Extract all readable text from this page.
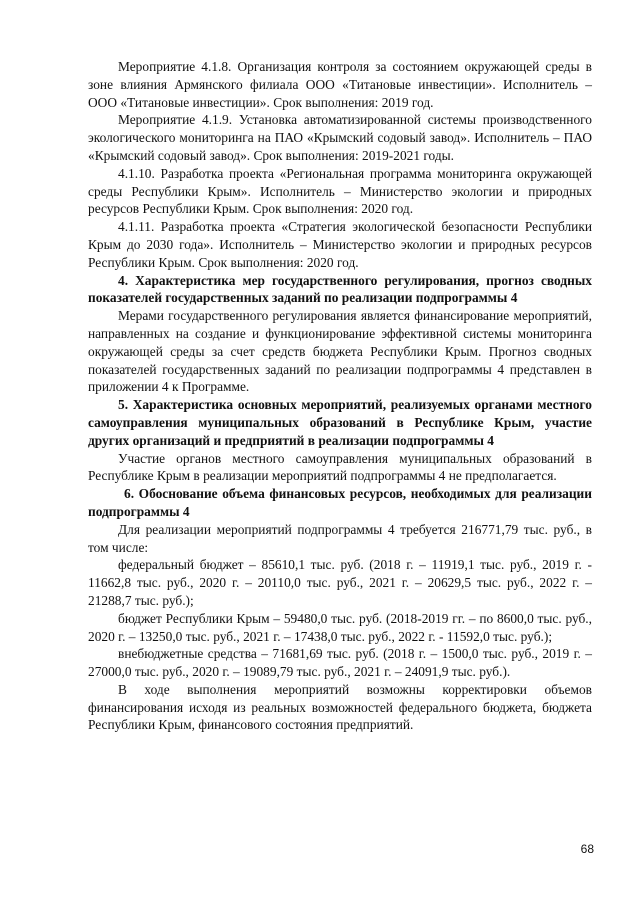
Мероприятие 4.1.8. Организация контроля за состоянием окружающей среды в зоне влияния Армянского филиала ООО «Титановые инвестиции». Исполнитель – ООО «Титановые инвестиции». Срок выполнения: 2019 год.

Мероприятие 4.1.9. Установка автоматизированной системы производственного экологического мониторинга на ПАО «Крымский содовый завод». Исполнитель – ПАО «Крымский содовый завод». Срок выполнения: 2019-2021 годы.

4.1.10. Разработка проекта «Региональная программа мониторинга окружающей среды Республики Крым». Исполнитель – Министерство экологии и природных ресурсов Республики Крым. Срок выполнения: 2020 год.

4.1.11. Разработка проекта «Стратегия экологической безопасности Республики Крым до 2030 года». Исполнитель – Министерство экологии и природных ресурсов Республики Крым. Срок выполнения: 2020 год.

4. Характеристика мер государственного регулирования, прогноз сводных показателей государственных заданий по реализации подпрограммы 4

Мерами государственного регулирования является финансирование мероприятий, направленных на создание и функционирование эффективной системы мониторинга окружающей среды за счет средств бюджета Республики Крым. Прогноз сводных показателей государственных заданий по реализации подпрограммы 4 представлен в приложении 4 к Программе.

5. Характеристика основных мероприятий, реализуемых органами местного самоуправления муниципальных образований в Республике Крым, участие других организаций и предприятий в реализации подпрограммы 4

Участие органов местного самоуправления муниципальных образований в Республике Крым в реализации мероприятий подпрограммы 4 не предполагается.

6. Обоснование объема финансовых ресурсов, необходимых для реализации подпрограммы 4

Для реализации мероприятий подпрограммы 4 требуется 216771,79 тыс. руб., в том числе:

федеральный бюджет – 85610,1 тыс. руб. (2018 г. – 11919,1 тыс. руб., 2019 г. - 11662,8 тыс. руб., 2020 г. – 20110,0 тыс. руб., 2021 г. – 20629,5 тыс. руб., 2022 г. – 21288,7 тыс. руб.);

бюджет Республики Крым – 59480,0 тыс. руб. (2018-2019 гг. – по 8600,0 тыс. руб., 2020 г. – 13250,0 тыс. руб., 2021 г. – 17438,0 тыс. руб., 2022 г. - 11592,0 тыс. руб.);

внебюджетные средства – 71681,69 тыс. руб. (2018 г. – 1500,0 тыс. руб., 2019 г. – 27000,0 тыс. руб., 2020 г. – 19089,79 тыс. руб., 2021 г. – 24091,9 тыс. руб.).

В ходе выполнения мероприятий возможны корректировки объемов финансирования исходя из реальных возможностей федерального бюджета, бюджета Республики Крым, финансового состояния предприятий.

68
